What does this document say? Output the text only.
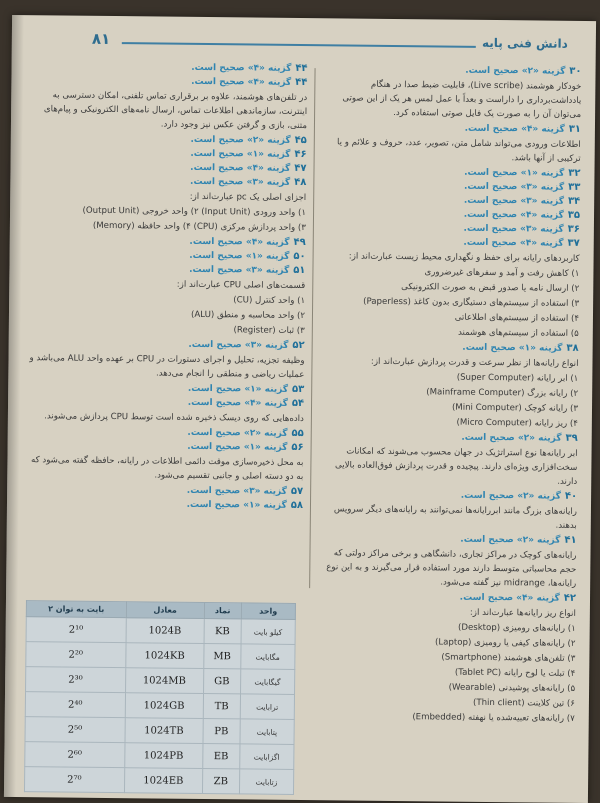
۸۱	دانش فنی پایه
۴۴گزینه «۴» صحیح است.
۴۴گزینه «۴» صحیح است.
در تلفن‌های هوشمند، علاوه بر برقراری تماس تلفنی، امکان دسترسی به اینترنت، سازماندهی اطلاعات تماس، ارسال نامه‌های الکترونیکی و پیام‌های متنی، بازی و گرفتن عکس نیز وجود دارد.
۴۵گزینه «۲» صحیح است.
۴۶گزینه «۱» صحیح است.
۴۷گزینه «۴» صحیح است.
۴۸گزینه «۳» صحیح است.
اجزای اصلی یک pc عبارت‌اند از:
۱) واحد ورودی (Input Unit) ۲) واحد خروجی (Output Unit)
۳) واحد پردازش مرکزی (CPU) ۴) واحد حافظه (Memory)
۴۹گزینه «۴» صحیح است.
۵۰گزینه «۱» صحیح است.
۵۱گزینه «۳» صحیح است.
قسمت‌های اصلی CPU عبارت‌اند از:
۱) واحد کنترل (CU)
۲) واحد محاسبه و منطق (ALU)
۳) ثبات (Register)
۵۲گزینه «۳» صحیح است.
وظیفه تجزیه، تحلیل و اجرای دستورات در CPU بر عهده واحد ALU می‌باشد و عملیات ریاضی و منطقی را انجام می‌دهد.
۵۳گزینه «۱» صحیح است.
۵۴گزینه «۴» صحیح است.
داده‌هایی که روی دیسک ذخیره شده است توسط CPU پردازش می‌شوند.
۵۵گزینه «۲» صحیح است.
۵۶گزینه «۱» صحیح است.
به محل ذخیره‌سازی موقت دائمی اطلاعات در رایانه، حافظه گفته می‌شود که به دو دسته اصلی و جانبی تقسیم می‌شود.
۵۷گزینه «۳» صحیح است.
۵۸گزینه «۱» صحیح است.
۳۰گزینه «۲» صحیح است.
خودکار هوشمند (Live scribe)، قابلیت ضبط صدا در هنگام یادداشت‌برداری را داراست و بعداً با عمل لمس هر یک از این صوتی می‌توان آن را به صورت یک فایل صوتی استفاده کرد.
۳۱گزینه «۴» صحیح است.
اطلاعات ورودی می‌تواند شامل متن، تصویر، عدد، حروف و علائم و یا ترکیبی از آنها باشد.
۳۲گزینه «۱» صحیح است.
۳۳گزینه «۳» صحیح است.
۳۴گزینه «۳» صحیح است.
۳۵گزینه «۴» صحیح است.
۳۶گزینه «۳» صحیح است.
۳۷گزینه «۴» صحیح است.
کاربردهای رایانه برای حفظ و نگهداری محیط زیست عبارت‌اند از:
۱) کاهش رفت و آمد و سفرهای غیرضروری
۲) ارسال نامه یا صدور قبض به صورت الکترونیکی
۳) استفاده از سیستم‌های دستیگاری بدون کاغذ (Paperless)
۴) استفاده از سیستم‌های اطلاعاتی
۵) استفاده از سیستم‌های هوشمند
۳۸گزینه «۱» صحیح است.
انواع رایانه‌ها از نظر سرعت و قدرت پردازش عبارت‌اند از:
۱) ابر رایانه (Super Computer)
۲) رایانه بزرگ (Mainframe Computer)
۳) رایانه کوچک (Mini Computer)
۴) ریز رایانه (Micro Computer)
۳۹گزینه «۲» صحیح است.
ابر رایانه‌ها نوع استراتژیک در جهان محسوب می‌شوند که امکانات سخت‌افزاری ویژه‌ای دارند. پیچیده و قدرت پردازش فوق‌العاده بالایی دارند.
۴۰گزینه «۲» صحیح است.
رایانه‌های بزرگ مانند ابررایانه‌ها نمی‌توانند به رایانه‌های دیگر سرویس بدهند.
۴۱گزینه «۲» صحیح است.
رایانه‌های کوچک در مراکز تجاری، دانشگاهی و برخی مراکز دولتی که حجم محاسباتی متوسط دارند مورد استفاده قرار می‌گیرند و به این نوع رایانه‌ها، midrange نیز گفته می‌شود.
۴۲گزینه «۴» صحیح است.
انواع ریز رایانه‌ها عبارت‌اند از:
۱) رایانه‌های رومیزی (Desktop)
۲) رایانه‌های کیفی یا رومیزی (Laptop)
۳) تلفن‌های هوشمند (Smartphone)
۴) تبلت یا لوح رایانه (Tablet PC)
۵) رایانه‌های پوشیدنی (Wearable)
۶) تین کلاینت (Thin client)
۷) رایانه‌های تعبیه‌شده یا نهفته (Embedded)
واحد	نماد	معادل	بایت به توان ۲
کیلو بایت	KB	1024B	2¹⁰
مگابایت	MB	1024KB	2²⁰
گیگابایت	GB	1024MB	2³⁰
ترابایت	TB	1024GB	2⁴⁰
پتابایت	PB	1024TB	2⁵⁰
اگزابایت	EB	1024PB	2⁶⁰
زتابایت	ZB	1024EB	2⁷⁰
